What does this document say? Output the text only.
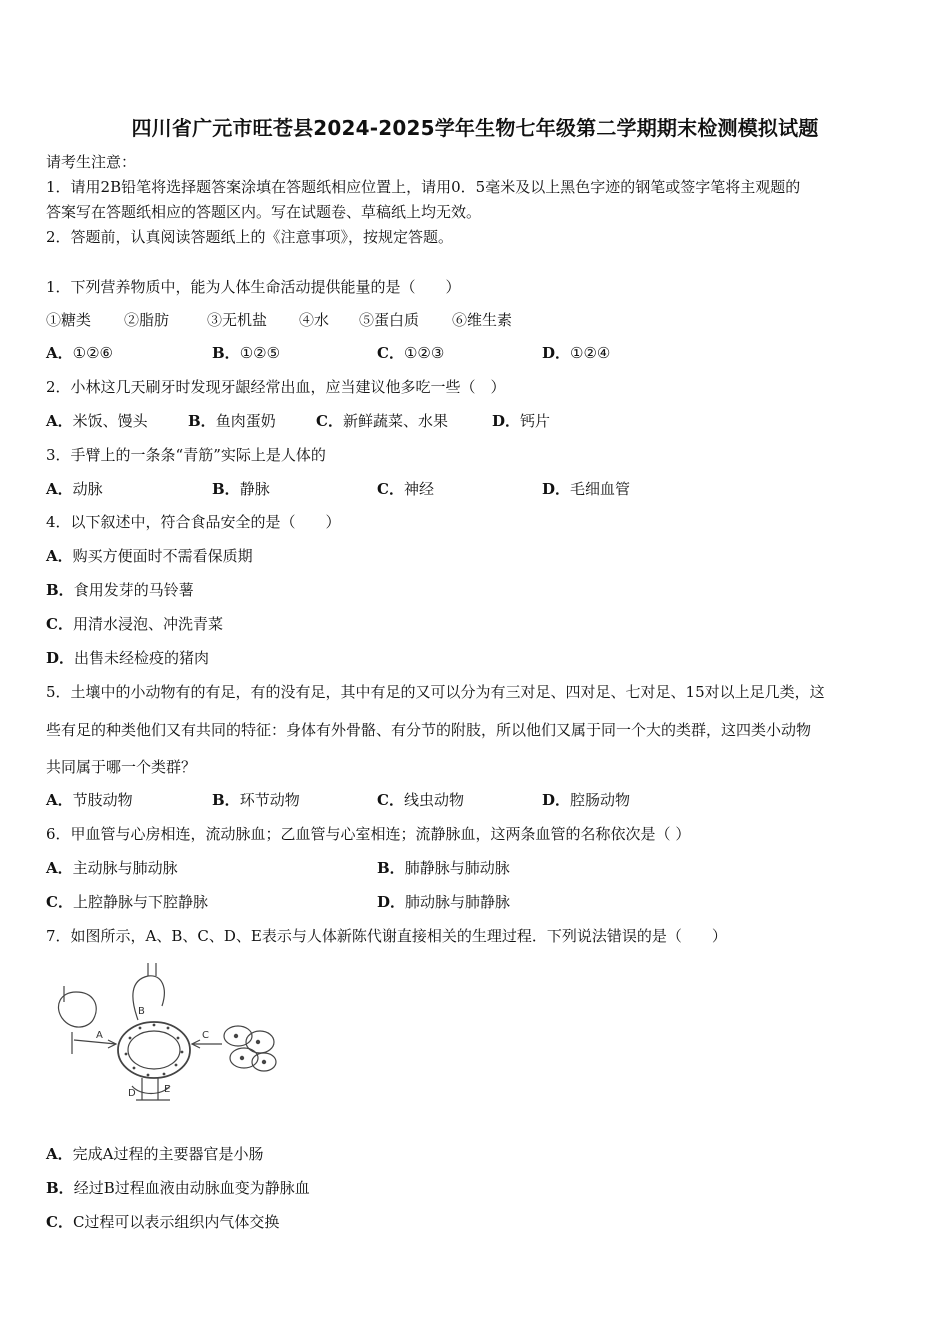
四川省广元市旺苍县2024-2025学年生物七年级第二学期期末检测模拟试题
请考生注意：
1．请用2B铅笔将选择题答案涂填在答题纸相应位置上，请用0．5毫米及以上黑色字迹的钢笔或签字笔将主观题的
答案写在答题纸相应的答题区内。写在试题卷、草稿纸上均无效。
2．答题前，认真阅读答题纸上的《注意事项》，按规定答题。
1．下列营养物质中，能为人体生命活动提供能量的是（　　）
①糖类 ②脂肪	③无机盐 ④水 ⑤蛋白质 ⑥维生素
A．①②⑥	B．①②⑤	C．①②③	D．①②④
2．小林这几天刷牙时发现牙龈经常出血，应当建议他多吃一些（　）
A．米饭、馒头	B．鱼肉蛋奶	C．新鲜蔬菜、水果	D．钙片
3．手臂上的一条条“青筋”实际上是人体的
A．动脉	B．静脉	C．神经	D．毛细血管
4．以下叙述中，符合食品安全的是（　　）
A．购买方便面时不需看保质期
B．食用发芽的马铃薯
C．用清水浸泡、冲洗青菜
D．出售未经检疫的猪肉
5．土壤中的小动物有的有足，有的没有足，其中有足的又可以分为有三对足、四对足、七对足、15对以上足几类，这
些有足的种类他们又有共同的特征：身体有外骨骼、有分节的附肢，所以他们又属于同一个大的类群，这四类小动物
共同属于哪一个类群？
A．节肢动物	B．环节动物	C．线虫动物	D．腔肠动物
6．甲血管与心房相连，流动脉血；乙血管与心室相连；流静脉血，这两条血管的名称依次是（ ）
A．主动脉与肺动脉	B．肺静脉与肺动脉
C．上腔静脉与下腔静脉	D．肺动脉与肺静脉
7．如图所示，A、B、C、D、E表示与人体新陈代谢直接相关的生理过程．下列说法错误的是（　　）
A
B
C
D	E
A．完成A过程的主要器官是小肠
B．经过B过程血液由动脉血变为静脉血
C．C过程可以表示组织内气体交换
